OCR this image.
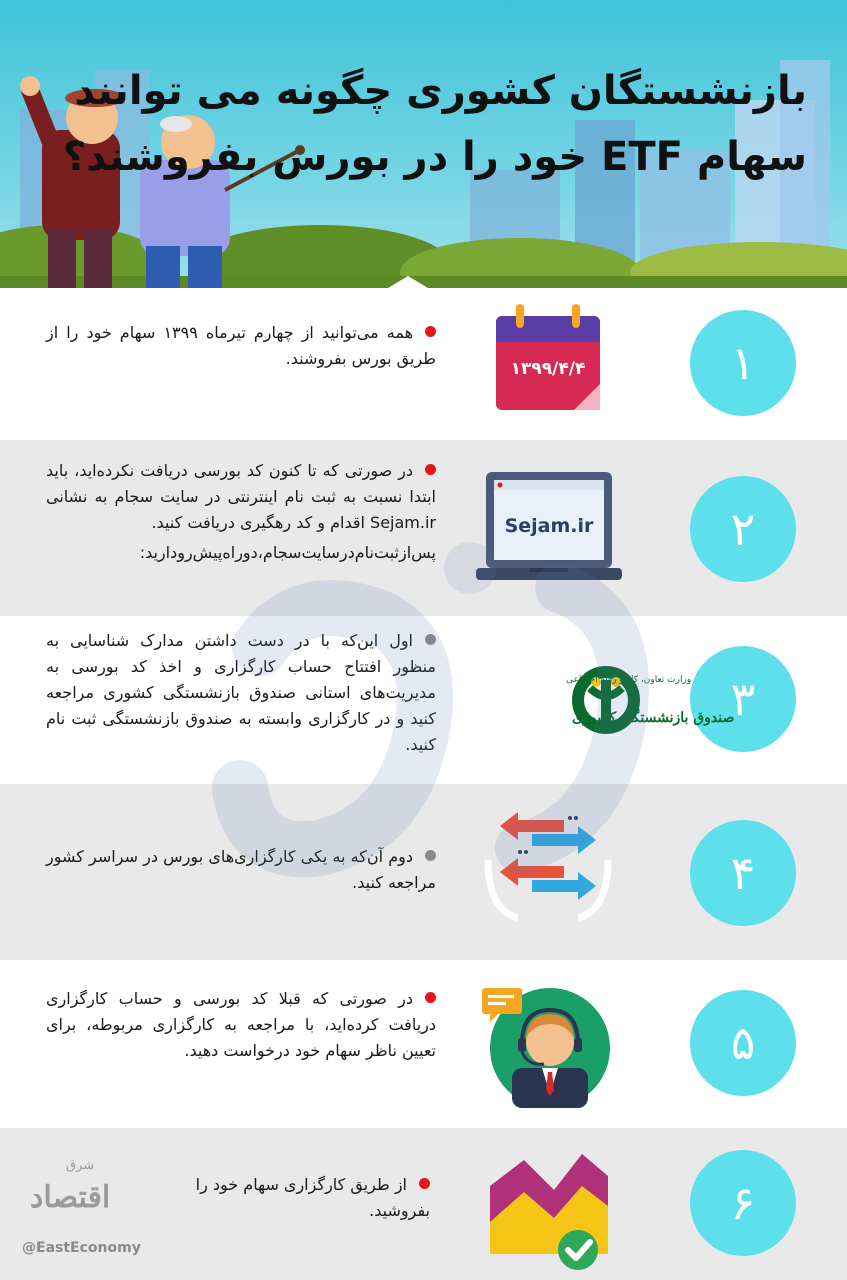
بازنشستگان کشوری چگونه می توانند
سهام ETF خود را در بورس بفروشند؟
۱
۱۳۹۹/۴/۴
همه می‌توانید از چهارم تیرماه ۱۳۹۹ سهام خود را از طریق بورس بفروشند.
۲
Sejam.ir
در صورتی که تا کنون کد بورسی دریافت نکرده‌اید، باید ابتدا نسبت به ثبت نام اینترنتی در سایت سجام به نشانی Sejam.ir اقدام و کد رهگیری دریافت کنید.
پس‌از‌ثبت‌نام‌در‌سایت‌سجام،‌دو‌راه‌پیش‌رو‌دارید:
۳
وزارت تعاون، کار و رفاه اجتماعی
صندوق بازنشستگی کشوری
اول این‌که با در دست داشتن مدارک شناسایی به منظور افتتاح حساب کارگزاری و اخذ کد بورسی به مدیریت‌های استانی صندوق بازنشستگی کشوری مراجعه کنید و در کارگزاری وابسته به صندوق بازنشستگی ثبت نام کنید.
۴
دوم آن‌که به یکی کارگزاری‌های بورس در سراسر کشور مراجعه کنید.
۵
در صورتی که قبلا کد بورسی و حساب کارگزاری دریافت کرده‌اید، با مراجعه به کارگزاری مربوطه، برای تعیین ناظر سهام خود درخواست دهید.
۶
از طریق کارگزاری سهام خود را بفروشید.
شرق
اقتصاد
@EastEconomy
